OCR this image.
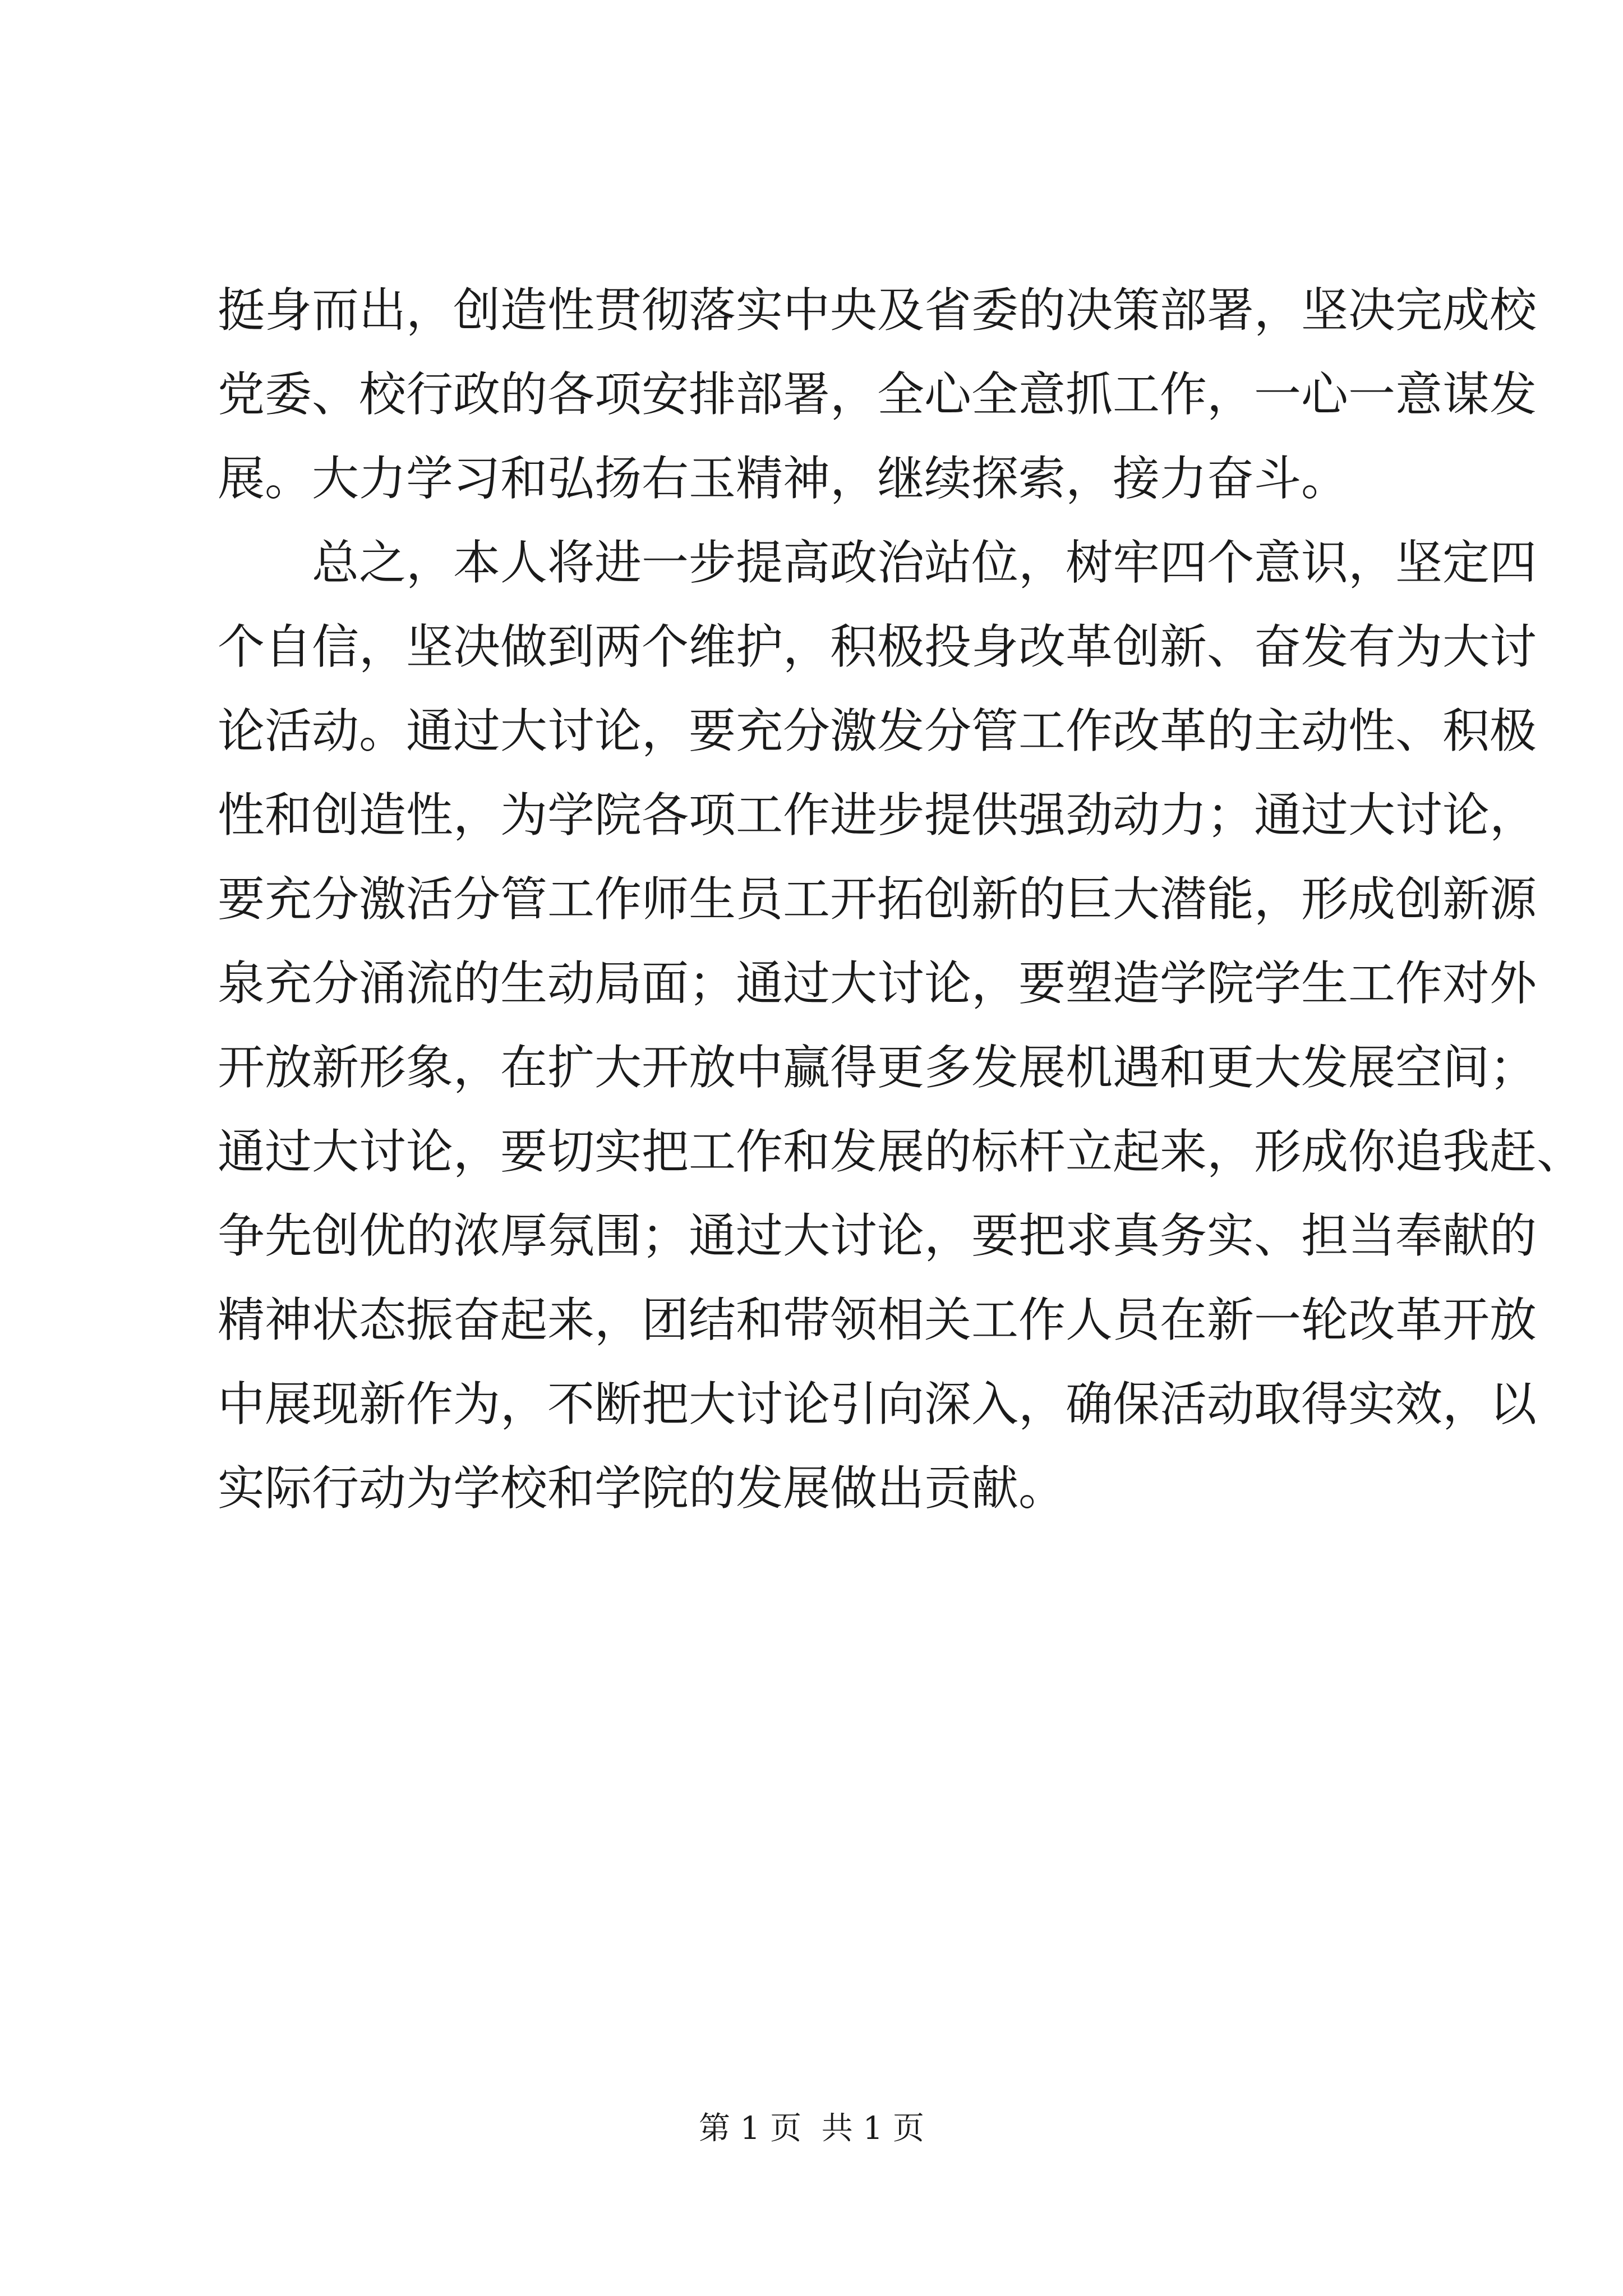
挺身而出，创造性贯彻落实中央及省委的决策部署，坚决完成校
党委、校行政的各项安排部署，全心全意抓工作，一心一意谋发
展。大力学习和弘扬右玉精神，继续探索，接力奋斗。
　　总之，本人将进一步提高政治站位，树牢四个意识，坚定四
个自信，坚决做到两个维护，积极投身改革创新、奋发有为大讨
论活动。通过大讨论，要充分激发分管工作改革的主动性、积极
性和创造性，为学院各项工作进步提供强劲动力；通过大讨论，
要充分激活分管工作师生员工开拓创新的巨大潜能，形成创新源
泉充分涌流的生动局面；通过大讨论，要塑造学院学生工作对外
开放新形象，在扩大开放中赢得更多发展机遇和更大发展空间；
通过大讨论，要切实把工作和发展的标杆立起来，形成你追我赶、
争先创优的浓厚氛围；通过大讨论，要把求真务实、担当奉献的
精神状态振奋起来，团结和带领相关工作人员在新一轮改革开放
中展现新作为，不断把大讨论引向深入，确保活动取得实效，以
实际行动为学校和学院的发展做出贡献。
第 1 页  共 1 页
